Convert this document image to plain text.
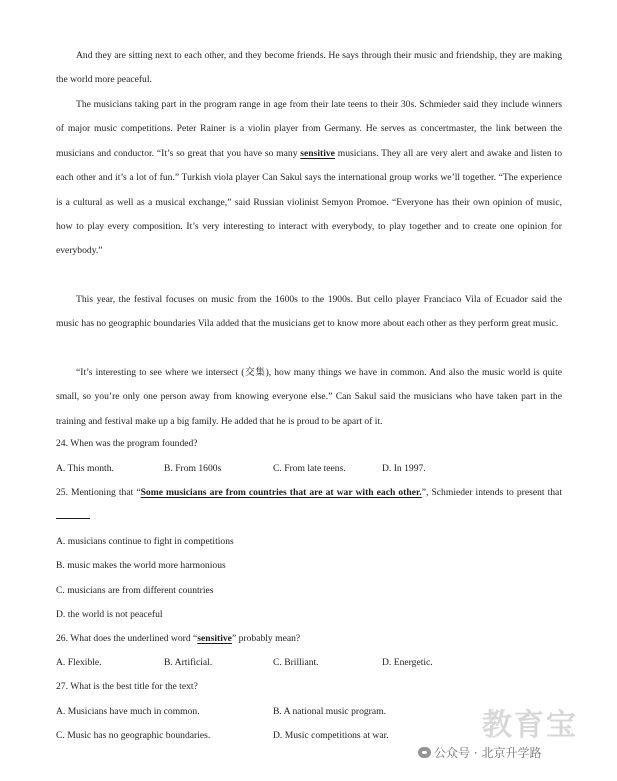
And they are sitting next to each other, and they become friends. He says through their music and friendship, they are making the world more peaceful.

The musicians taking part in the program range in age from their late teens to their 30s. Schmieder said they include winners of major music competitions. Peter Rainer is a violin player from Germany. He serves as concertmaster, the link between the musicians and conductor. “It’s so great that you have so many sensitive musicians. They all are very alert and awake and listen to each other and it’s a lot of fun.” Turkish viola player Can Sakul says the international group works we’ll together. “The experience is a cultural as well as a musical exchange,” said Russian violinist Semyon Promoe. “Everyone has their own opinion of music, how to play every composition. It’s very interesting to interact with everybody, to play together and to create one opinion for everybody.”

This year, the festival focuses on music from the 1600s to the 1900s. But cello player Franciaco Vila of Ecuador said the music has no geographic boundaries Vila added that the musicians get to know more about each other as they perform great music.

“It’s interesting to see where we intersect (交集), how many things we have in common. And also the music world is quite small, so you’re only one person away from knowing everyone else.” Can Sakul said the musicians who have taken part in the training and festival make up a big family. He added that he is proud to be apart of it.

24. When was the program founded?

A. This month.	B. From 1600s	C. From late teens.	D. In 1997.

25. Mentioning that “Some musicians are from countries that are at war with each other.”, Schmieder intends to present that

A. musicians continue to fight in competitions
B. music makes the world more harmonious
C. musicians are from different countries
D. the world is not peaceful

26. What does the underlined word “sensitive” probably mean?

A. Flexible.	B. Artificial.	C. Brilliant.	D. Energetic.

27. What is the best title for the text?

A. Musicians have much in common.	B. A national music program.
C. Music has no geographic boundaries.	D. Music competitions at war.	教育宝
公众号 · 北京升学路
